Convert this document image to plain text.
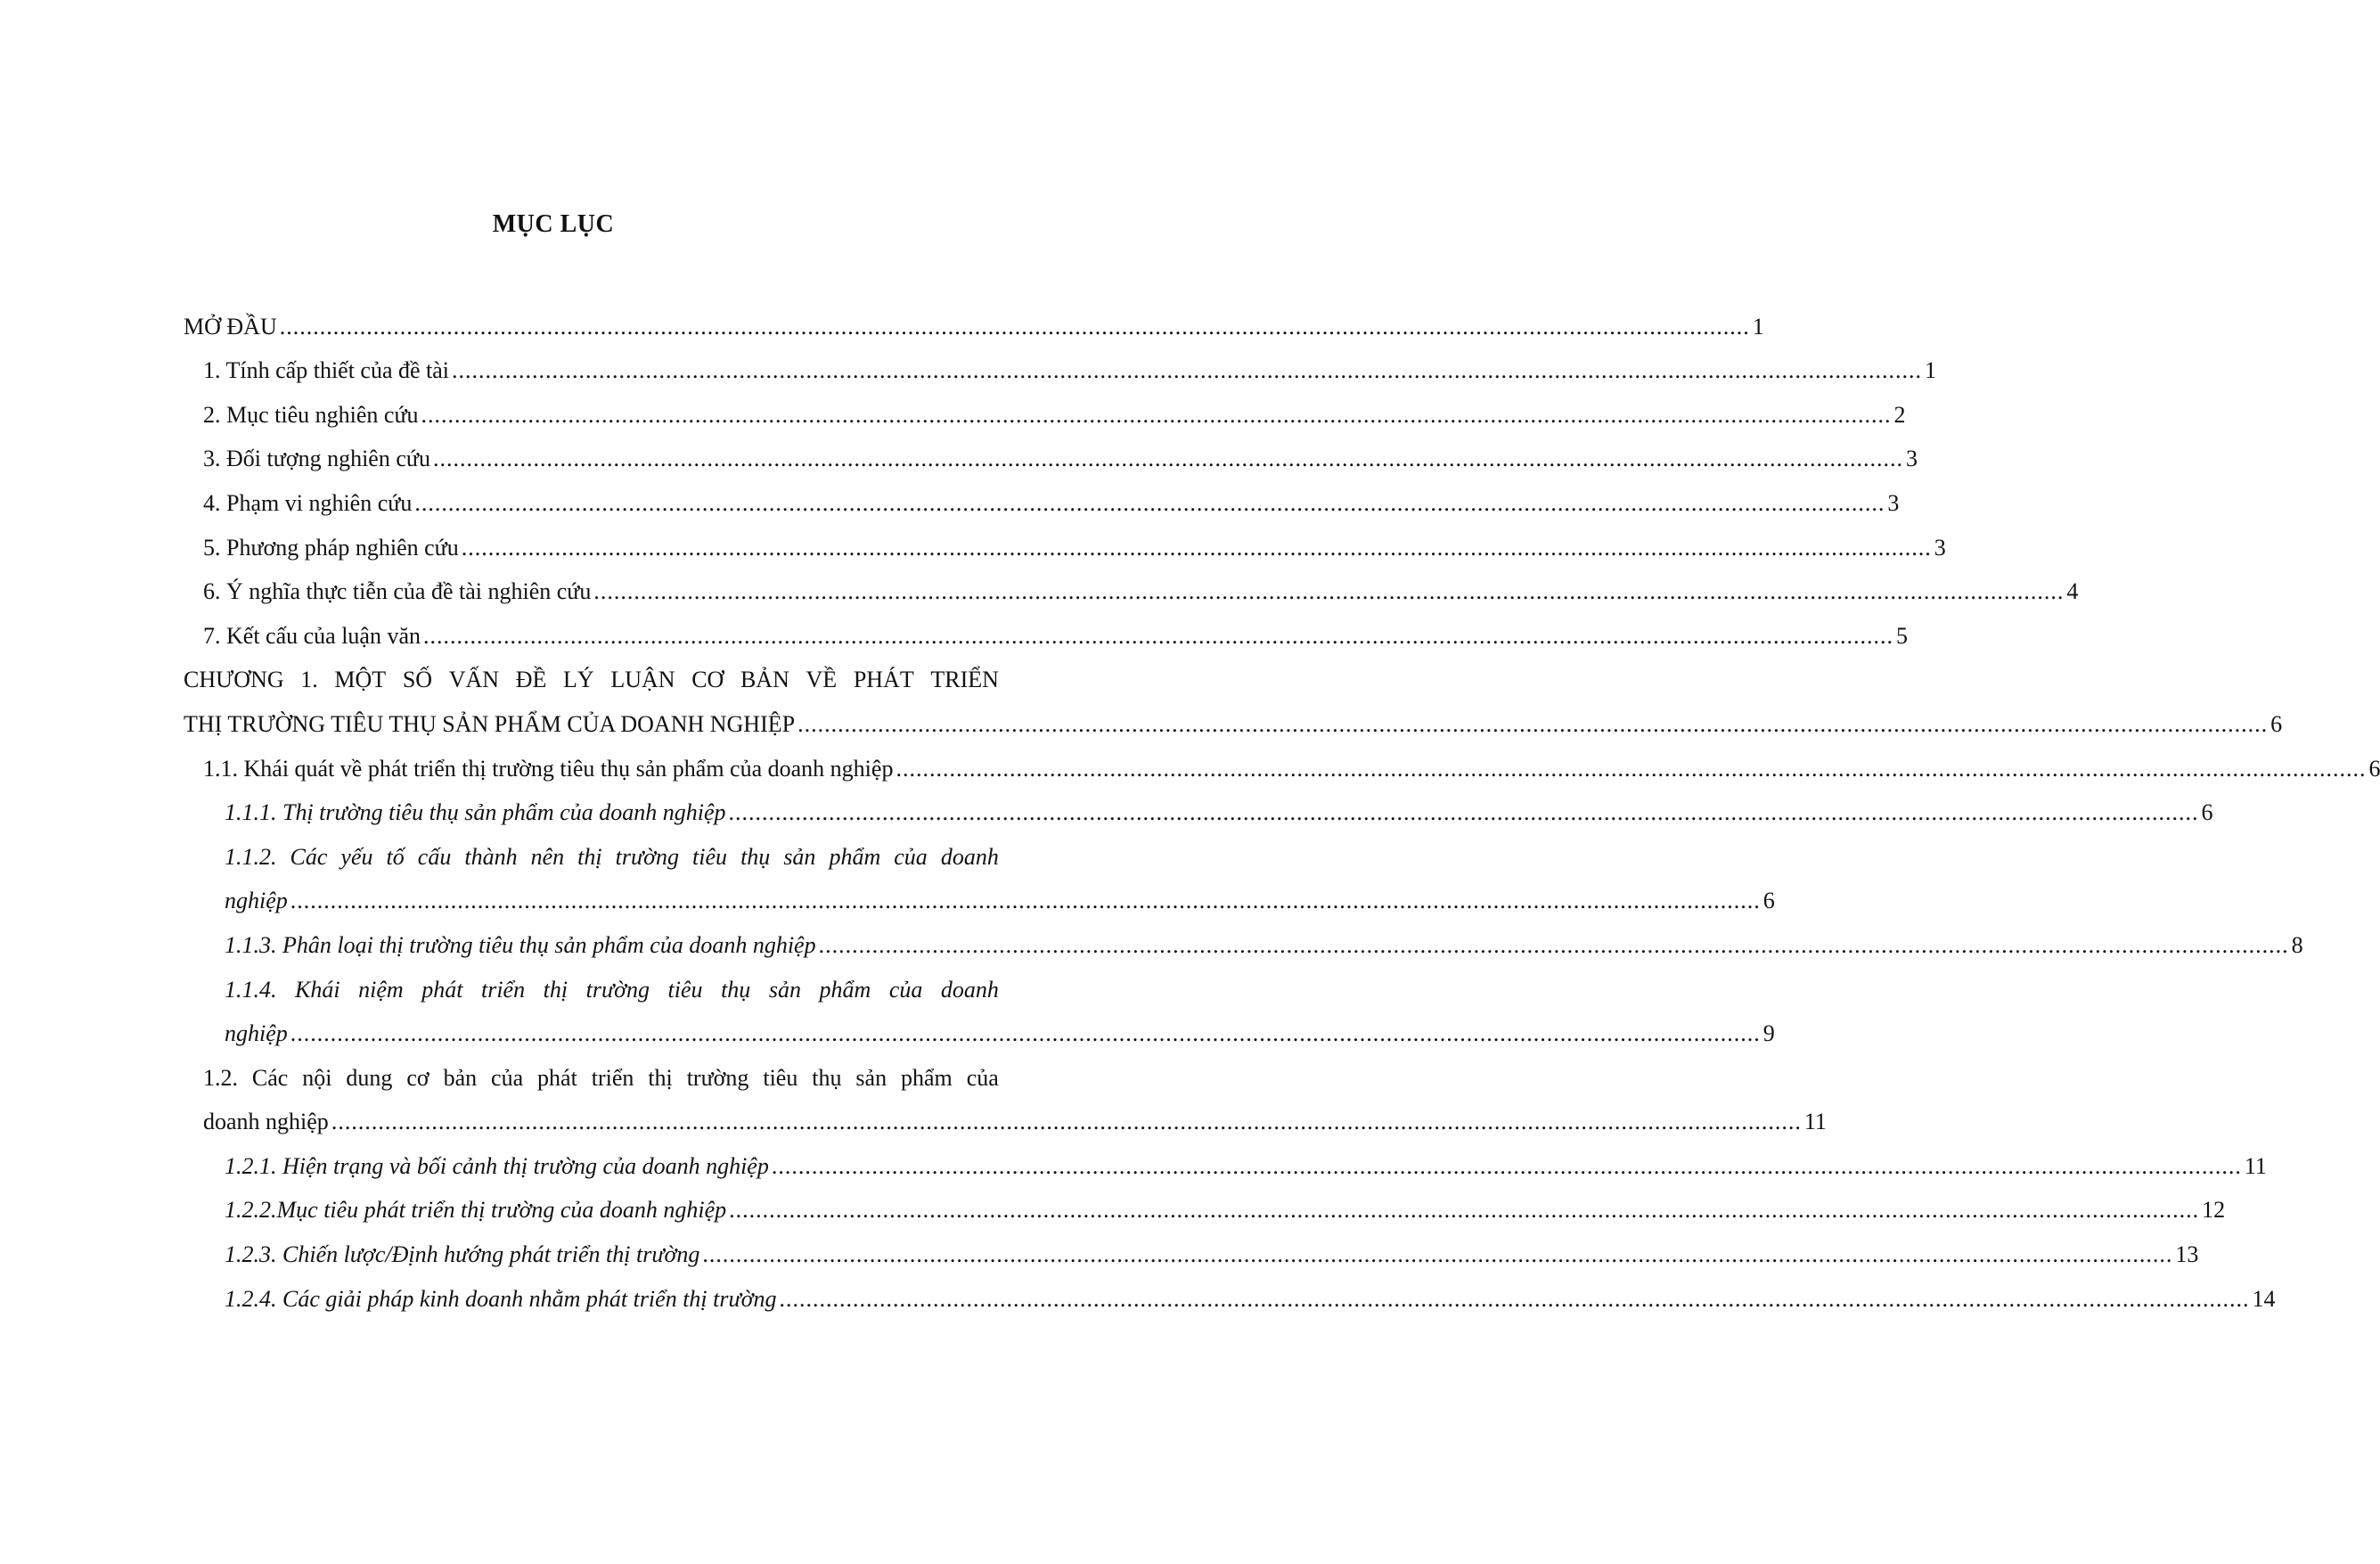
MỤC LỤC
MỞ ĐẦU ............................................................................................................................................................................................................................ 1
1. Tính cấp thiết của đề tài ............................................................................................................................................................................................................................ 1
2. Mục tiêu nghiên cứu ............................................................................................................................................................................................................................ 2
3. Đối tượng nghiên cứu ............................................................................................................................................................................................................................ 3
4. Phạm vi nghiên cứu ............................................................................................................................................................................................................................ 3
5. Phương pháp nghiên cứu ............................................................................................................................................................................................................................ 3
6. Ý nghĩa thực tiễn của đề tài nghiên cứu ............................................................................................................................................................................................................................ 4
7. Kết cấu của luận văn ............................................................................................................................................................................................................................ 5
CHƯƠNG 1. MỘT SỐ VẤN ĐỀ LÝ LUẬN CƠ BẢN VỀ PHÁT TRIỂN
THỊ TRƯỜNG TIÊU THỤ SẢN PHẨM CỦA DOANH NGHIỆP ............................................................................................................................................................................................................................ 6
1.1. Khái quát về phát triển thị trường tiêu thụ sản phẩm của doanh nghiệp ............................................................................................................................................................................................................................ 6
1.1.1. Thị trường tiêu thụ sản phẩm của doanh nghiệp ............................................................................................................................................................................................................................ 6
1.1.2. Các yếu tố cấu thành nên thị trường tiêu thụ sản phẩm của doanh
nghiệp ............................................................................................................................................................................................................................ 6
1.1.3. Phân loại thị trường tiêu thụ sản phẩm của doanh nghiệp ............................................................................................................................................................................................................................ 8
1.1.4. Khái niệm phát triển thị trường tiêu thụ sản phẩm của doanh
nghiệp ............................................................................................................................................................................................................................ 9
1.2. Các nội dung cơ bản của phát triển thị trường tiêu thụ sản phẩm của
doanh nghiệp ............................................................................................................................................................................................................................ 11
1.2.1. Hiện trạng và bối cảnh thị trường của doanh nghiệp ............................................................................................................................................................................................................................ 11
1.2.2.Mục tiêu phát triển thị trường của doanh nghiệp ............................................................................................................................................................................................................................ 12
1.2.3. Chiến lược/Định hướng phát triển thị trường ............................................................................................................................................................................................................................ 13
1.2.4. Các giải pháp kinh doanh nhằm phát triển thị trường ............................................................................................................................................................................................................................ 14
